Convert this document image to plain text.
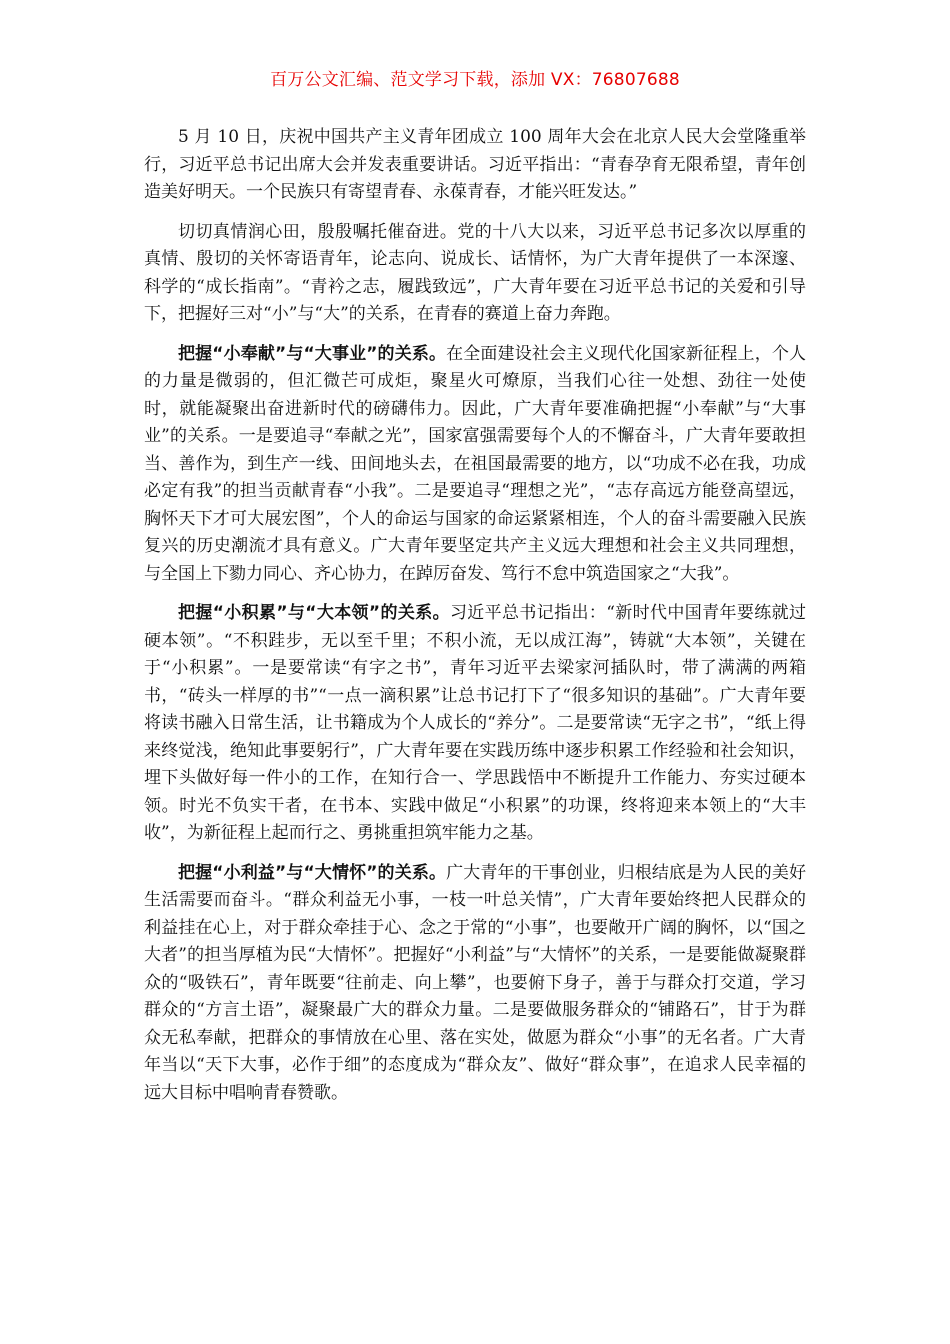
百万公文汇编、范文学习下载，添加 VX：76807688

5 月 10 日，庆祝中国共产主义青年团成立 100 周年大会在北京人民大会堂隆重举行，习近平总书记出席大会并发表重要讲话。习近平指出：“青春孕育无限希望，青年创造美好明天。一个民族只有寄望青春、永葆青春，才能兴旺发达。”

切切真情润心田，殷殷嘱托催奋进。党的十八大以来，习近平总书记多次以厚重的真情、殷切的关怀寄语青年，论志向、说成长、话情怀，为广大青年提供了一本深邃、科学的“成长指南”。“青衿之志，履践致远”，广大青年要在习近平总书记的关爱和引导下，把握好三对“小”与“大”的关系，在青春的赛道上奋力奔跑。

把握“小奉献”与“大事业”的关系。在全面建设社会主义现代化国家新征程上，个人的力量是微弱的，但汇微芒可成炬，聚星火可燎原，当我们心往一处想、劲往一处使时，就能凝聚出奋进新时代的磅礴伟力。因此，广大青年要准确把握“小奉献”与“大事业”的关系。一是要追寻“奉献之光”，国家富强需要每个人的不懈奋斗，广大青年要敢担当、善作为，到生产一线、田间地头去，在祖国最需要的地方，以“功成不必在我，功成必定有我”的担当贡献青春“小我”。二是要追寻“理想之光”，“志存高远方能登高望远，胸怀天下才可大展宏图”，个人的命运与国家的命运紧紧相连，个人的奋斗需要融入民族复兴的历史潮流才具有意义。广大青年要坚定共产主义远大理想和社会主义共同理想，与全国上下勠力同心、齐心协力，在踔厉奋发、笃行不怠中筑造国家之“大我”。

把握“小积累”与“大本领”的关系。习近平总书记指出：“新时代中国青年要练就过硬本领”。“不积跬步，无以至千里；不积小流，无以成江海”，铸就“大本领”，关键在于“小积累”。一是要常读“有字之书”，青年习近平去梁家河插队时，带了满满的两箱书，“砖头一样厚的书”“一点一滴积累”让总书记打下了“很多知识的基础”。广大青年要将读书融入日常生活，让书籍成为个人成长的“养分”。二是要常读“无字之书”，“纸上得来终觉浅，绝知此事要躬行”，广大青年要在实践历练中逐步积累工作经验和社会知识，埋下头做好每一件小的工作，在知行合一、学思践悟中不断提升工作能力、夯实过硬本领。时光不负实干者，在书本、实践中做足“小积累”的功课，终将迎来本领上的“大丰收”，为新征程上起而行之、勇挑重担筑牢能力之基。

把握“小利益”与“大情怀”的关系。广大青年的干事创业，归根结底是为人民的美好生活需要而奋斗。“群众利益无小事，一枝一叶总关情”，广大青年要始终把人民群众的利益挂在心上，对于群众牵挂于心、念之于常的“小事”，也要敞开广阔的胸怀，以“国之大者”的担当厚植为民“大情怀”。把握好“小利益”与“大情怀”的关系，一是要能做凝聚群众的“吸铁石”，青年既要“往前走、向上攀”，也要俯下身子，善于与群众打交道，学习群众的“方言土语”，凝聚最广大的群众力量。二是要做服务群众的“铺路石”，甘于为群众无私奉献，把群众的事情放在心里、落在实处，做愿为群众“小事”的无名者。广大青年当以“天下大事，必作于细”的态度成为“群众友”、做好“群众事”，在追求人民幸福的远大目标中唱响青春赞歌。
